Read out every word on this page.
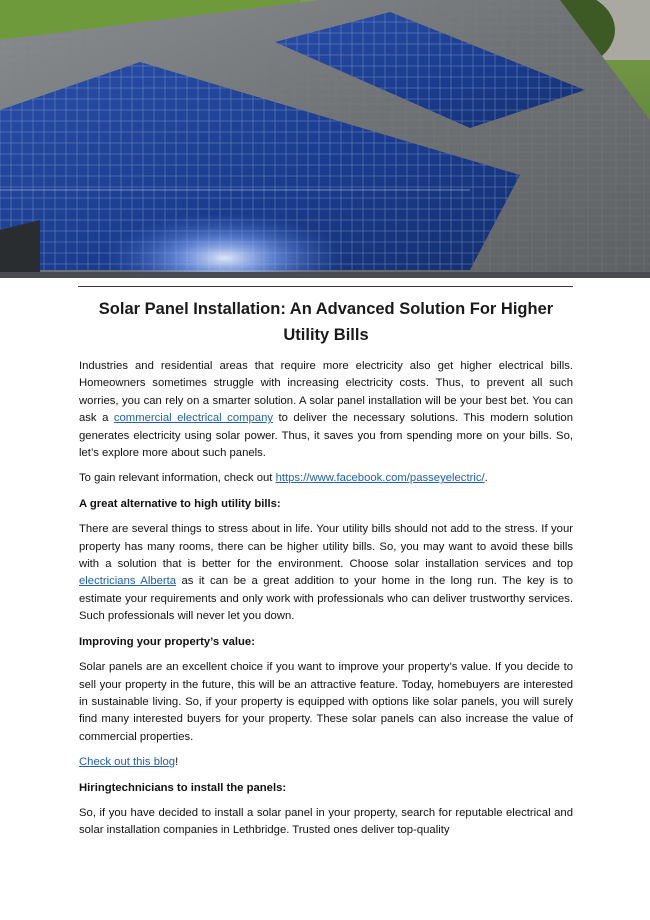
Solar Panel Installation: An Advanced Solution For Higher Utility Bills

Industries and residential areas that require more electricity also get higher electrical bills. Homeowners sometimes struggle with increasing electricity costs. Thus, to prevent all such worries, you can rely on a smarter solution. A solar panel installation will be your best bet. You can ask a commercial electrical company to deliver the necessary solutions. This modern solution generates electricity using solar power. Thus, it saves you from spending more on your bills. So, let’s explore more about such panels.

To gain relevant information, check out https://www.facebook.com/passeyelectric/.

A great alternative to high utility bills:

There are several things to stress about in life. Your utility bills should not add to the stress. If your property has many rooms, there can be higher utility bills. So, you may want to avoid these bills with a solution that is better for the environment. Choose solar installation services and top electricians Alberta as it can be a great addition to your home in the long run. The key is to estimate your requirements and only work with professionals who can deliver trustworthy services. Such professionals will never let you down.

Improving your property’s value:

Solar panels are an excellent choice if you want to improve your property’s value. If you decide to sell your property in the future, this will be an attractive feature. Today, homebuyers are interested in sustainable living. So, if your property is equipped with options like solar panels, you will surely find many interested buyers for your property. These solar panels can also increase the value of commercial properties.

Check out this blog!

Hiringtechnicians to install the panels:

So, if you have decided to install a solar panel in your property, search for reputable electrical and solar installation companies in Lethbridge. Trusted ones deliver top-quality
